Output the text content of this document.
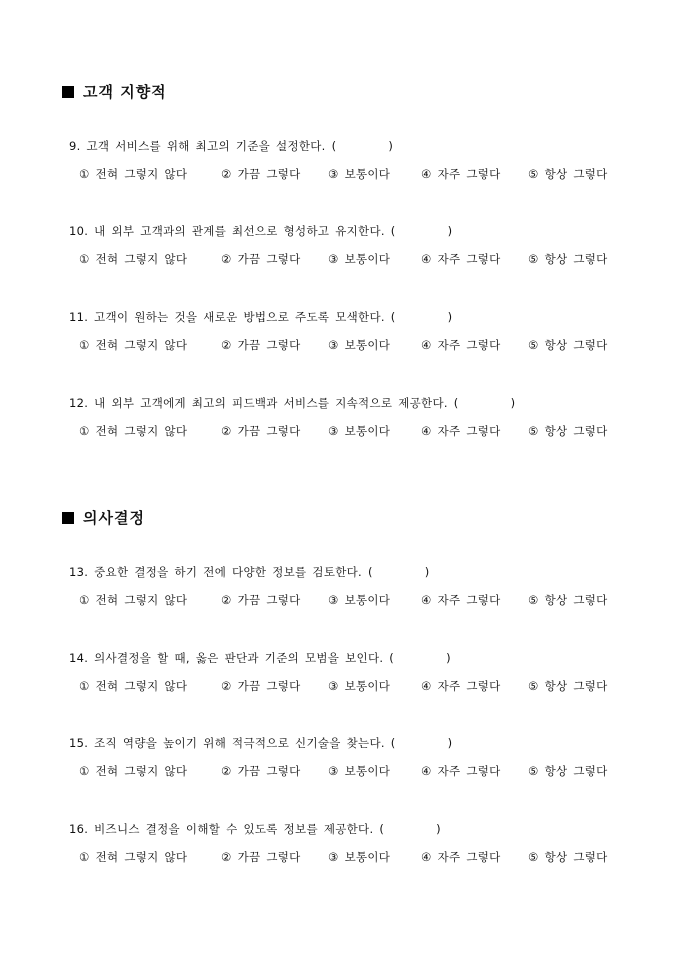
고객 지향적
9. 고객 서비스를 위해 최고의 기준을 설정한다. (	)
① 전혀 그렇지 않다	② 가끔 그렇다	③ 보통이다	④ 자주 그렇다	⑤ 항상 그렇다
10. 내 외부 고객과의 관계를 최선으로 형성하고 유지한다. (	)
① 전혀 그렇지 않다	② 가끔 그렇다	③ 보통이다	④ 자주 그렇다	⑤ 항상 그렇다
11. 고객이 원하는 것을 새로운 방법으로 주도록 모색한다. (	)
① 전혀 그렇지 않다	② 가끔 그렇다	③ 보통이다	④ 자주 그렇다	⑤ 항상 그렇다
12. 내 외부 고객에게 최고의 피드백과 서비스를 지속적으로 제공한다. (	)
① 전혀 그렇지 않다	② 가끔 그렇다	③ 보통이다	④ 자주 그렇다	⑤ 항상 그렇다
의사결정
13. 중요한 결정을 하기 전에 다양한 정보를 검토한다. (	)
① 전혀 그렇지 않다	② 가끔 그렇다	③ 보통이다	④ 자주 그렇다	⑤ 항상 그렇다
14. 의사결정을 할 때, 옳은 판단과 기준의 모범을 보인다. (	)
① 전혀 그렇지 않다	② 가끔 그렇다	③ 보통이다	④ 자주 그렇다	⑤ 항상 그렇다
15. 조직 역량을 높이기 위해 적극적으로 신기술을 찾는다. (	)
① 전혀 그렇지 않다	② 가끔 그렇다	③ 보통이다	④ 자주 그렇다	⑤ 항상 그렇다
16. 비즈니스 결정을 이해할 수 있도록 정보를 제공한다. (	)
① 전혀 그렇지 않다	② 가끔 그렇다	③ 보통이다	④ 자주 그렇다	⑤ 항상 그렇다
